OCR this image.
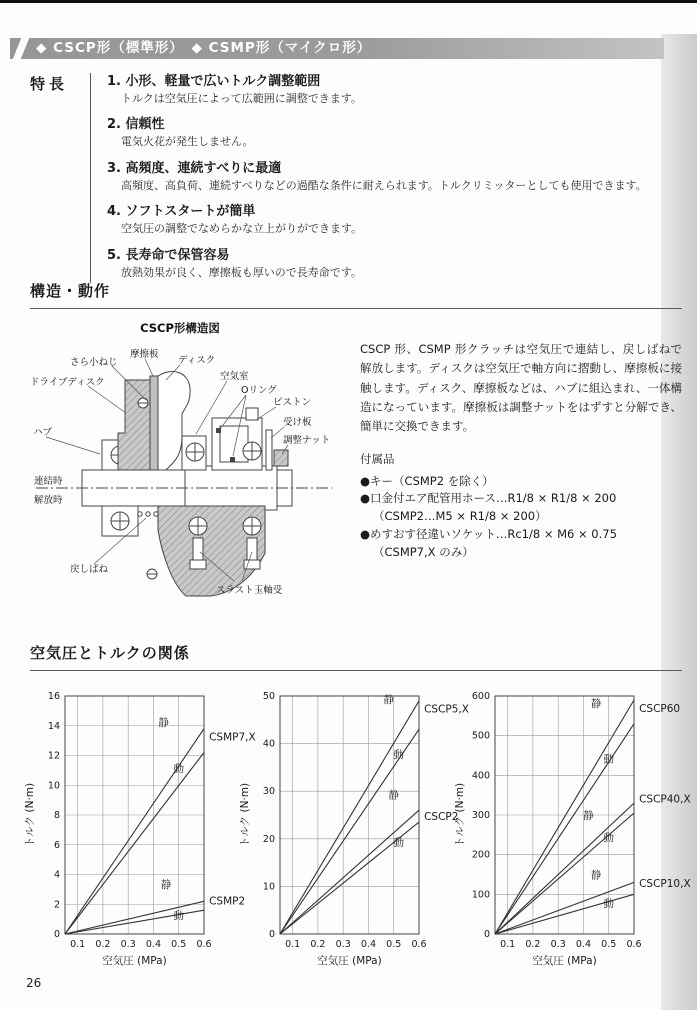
◆ CSCP形（標準形）　◆ CSMP形（マイクロ形）
特長	1. 小形、軽量で広いトルク調整範囲
トルクは空気圧によって広範囲に調整できます。
2. 信頼性
電気火花が発生しません。
3. 高頻度、連続すべりに最適
高頻度、高負荷、連続すべりなどの過酷な条件に耐えられます。トルクリミッターとしても使用できます。
4. ソフトスタートが簡単
空気圧の調整でなめらかな立上がりができます。
5. 長寿命で保管容易
放熱効果が良く、摩擦板も厚いので長寿命です。
構造・動作
CSCP形構造図
さら小ねじ
摩擦板
ディスク
ドライブディスク
空気室
Oリング
ピストン
受け板
調整ナット
ハブ
連結時
解放時
戻しばね
スラスト玉軸受

CSCP 形、CSMP 形クラッチは空気圧で連結し、戻しばねで解放します。ディスクは空気圧で軸方向に摺動し、摩擦板に接触します。ディスク、摩擦板などは、ハブに組込まれ、一体構造になっています。摩擦板は調整ナットをはずすと分解でき、簡単に交換できます。

付属品
●キー（CSMP2 を除く）
●口金付エア配管用ホース…R1/8 × R1/8 × 200
（CSMP2…M5 × R1/8 × 200）
●めすおす径違いソケット…Rc1/8 × M6 × 0.75
（CSMP7,X のみ）
空気圧とトルクの関係
0.1 0.2 0.3 0.4 0.5 0.6
0
2
4
6
8
10
12
14
16
空気圧 (MPa)
トルク (N·m)
静
CSMP7,X
動
静
CSMP2
動
0.1 0.2 0.3 0.4 0.5 0.6
0
10
20
30
40
50
空気圧 (MPa)
トルク (N·m)
静
CSCP5,X
動
静
CSCP2
動
0.1 0.2 0.3 0.4 0.5 0.6
0
100
200
300
400
500
600
空気圧 (MPa)
トルク (N·m)
静	CSCP60
動
静
CSCP40,X
動
静
CSCP10,X
動
26
